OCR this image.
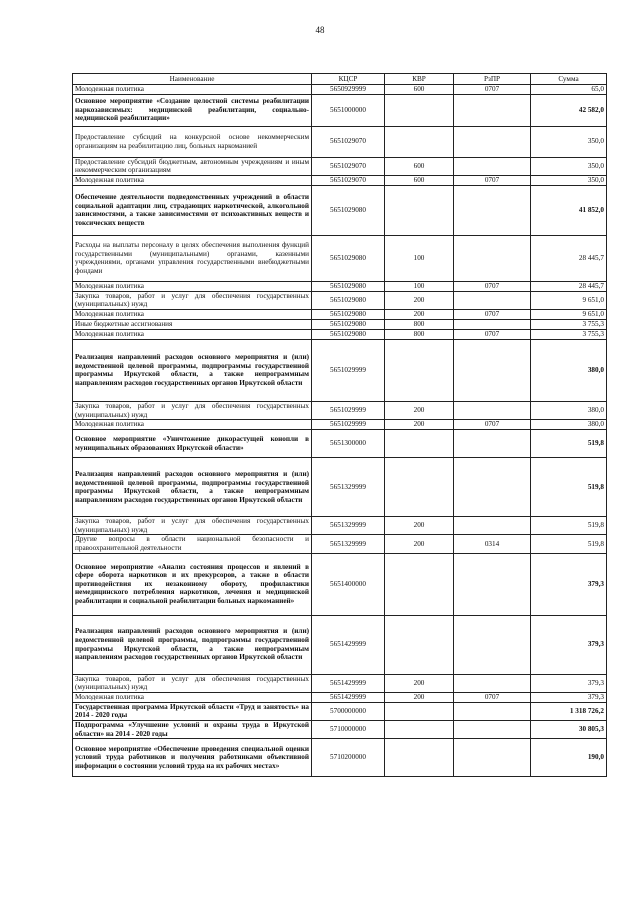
48
Наименование	КЦСР	КВР	РзПР	Сумма
Молодежная политика	5650929999	600	0707	65,0
Основное мероприятие «Создание целостной системы реабилитации наркозависимых: медицинской реабилитации, социально-медицинской реабилитации»	5651000000			42 582,0
Предоставление субсидий на конкурсной основе некоммерческим организациям на реабилитацию лиц, больных наркоманией	5651029070			350,0
Предоставление субсидий бюджетным, автономным учреждениям и иным некоммерческим организациям	5651029070	600		350,0
Молодежная политика	5651029070	600	0707	350,0
Обеспечение деятельности подведомственных учреждений в области социальной адаптации лиц, страдающих наркотической, алкогольной зависимостями, а также зависимостями от психоактивных веществ и токсических веществ	5651029080			41 852,0
Расходы на выплаты персоналу в целях обеспечения выполнения функций государственными (муниципальными) органами, казенными учреждениями, органами управления государственными внебюджетными фондами	5651029080	100		28 445,7
Молодежная политика	5651029080	100	0707	28 445,7
Закупка товаров, работ и услуг для обеспечения государственных (муниципальных) нужд	5651029080	200		9 651,0
Молодежная политика	5651029080	200	0707	9 651,0
Иные бюджетные ассигнования	5651029080	800		3 755,3
Молодежная политика	5651029080	800	0707	3 755,3
Реализация направлений расходов основного мероприятия и (или) ведомственной целевой программы, подпрограммы государственной программы Иркутской области, а также непрограммным направлениям расходов государственных органов Иркутской области	5651029999			380,0
Закупка товаров, работ и услуг для обеспечения государственных (муниципальных) нужд	5651029999	200		380,0
Молодежная политика	5651029999	200	0707	380,0
Основное мероприятие «Уничтожение дикорастущей конопли в муниципальных образованиях Иркутской области»	5651300000			519,8
Реализация направлений расходов основного мероприятия и (или) ведомственной целевой программы, подпрограммы государственной программы Иркутской области, а также непрограммным направлениям расходов государственных органов Иркутской области	5651329999			519,8
Закупка товаров, работ и услуг для обеспечения государственных (муниципальных) нужд	5651329999	200		519,8
Другие вопросы в области национальной безопасности и правоохранительной деятельности	5651329999	200	0314	519,8
Основное мероприятие «Анализ состояния процессов и явлений в сфере оборота наркотиков и их прекурсоров, а также в области противодействия их незаконному обороту, профилактики немедицинского потребления наркотиков, лечения и медицинской реабилитации и социальной реабилитации больных наркоманией»	5651400000			379,3
Реализация направлений расходов основного мероприятия и (или) ведомственной целевой программы, подпрограммы государственной программы Иркутской области, а также непрограммным направлениям расходов государственных органов Иркутской области	5651429999			379,3
Закупка товаров, работ и услуг для обеспечения государственных (муниципальных) нужд	5651429999	200		379,3
Молодежная политика	5651429999	200	0707	379,3
Государственная программа Иркутской области «Труд и занятость» на 2014 - 2020 годы	5700000000			1 318 726,2
Подпрограмма «Улучшение условий и охраны труда в Иркутской области» на 2014 - 2020 годы	5710000000			30 805,3
Основное мероприятие «Обеспечение проведения специальной оценки условий труда работников и получения работниками объективной информации о состоянии условий труда на их рабочих местах»	5710200000			190,0
